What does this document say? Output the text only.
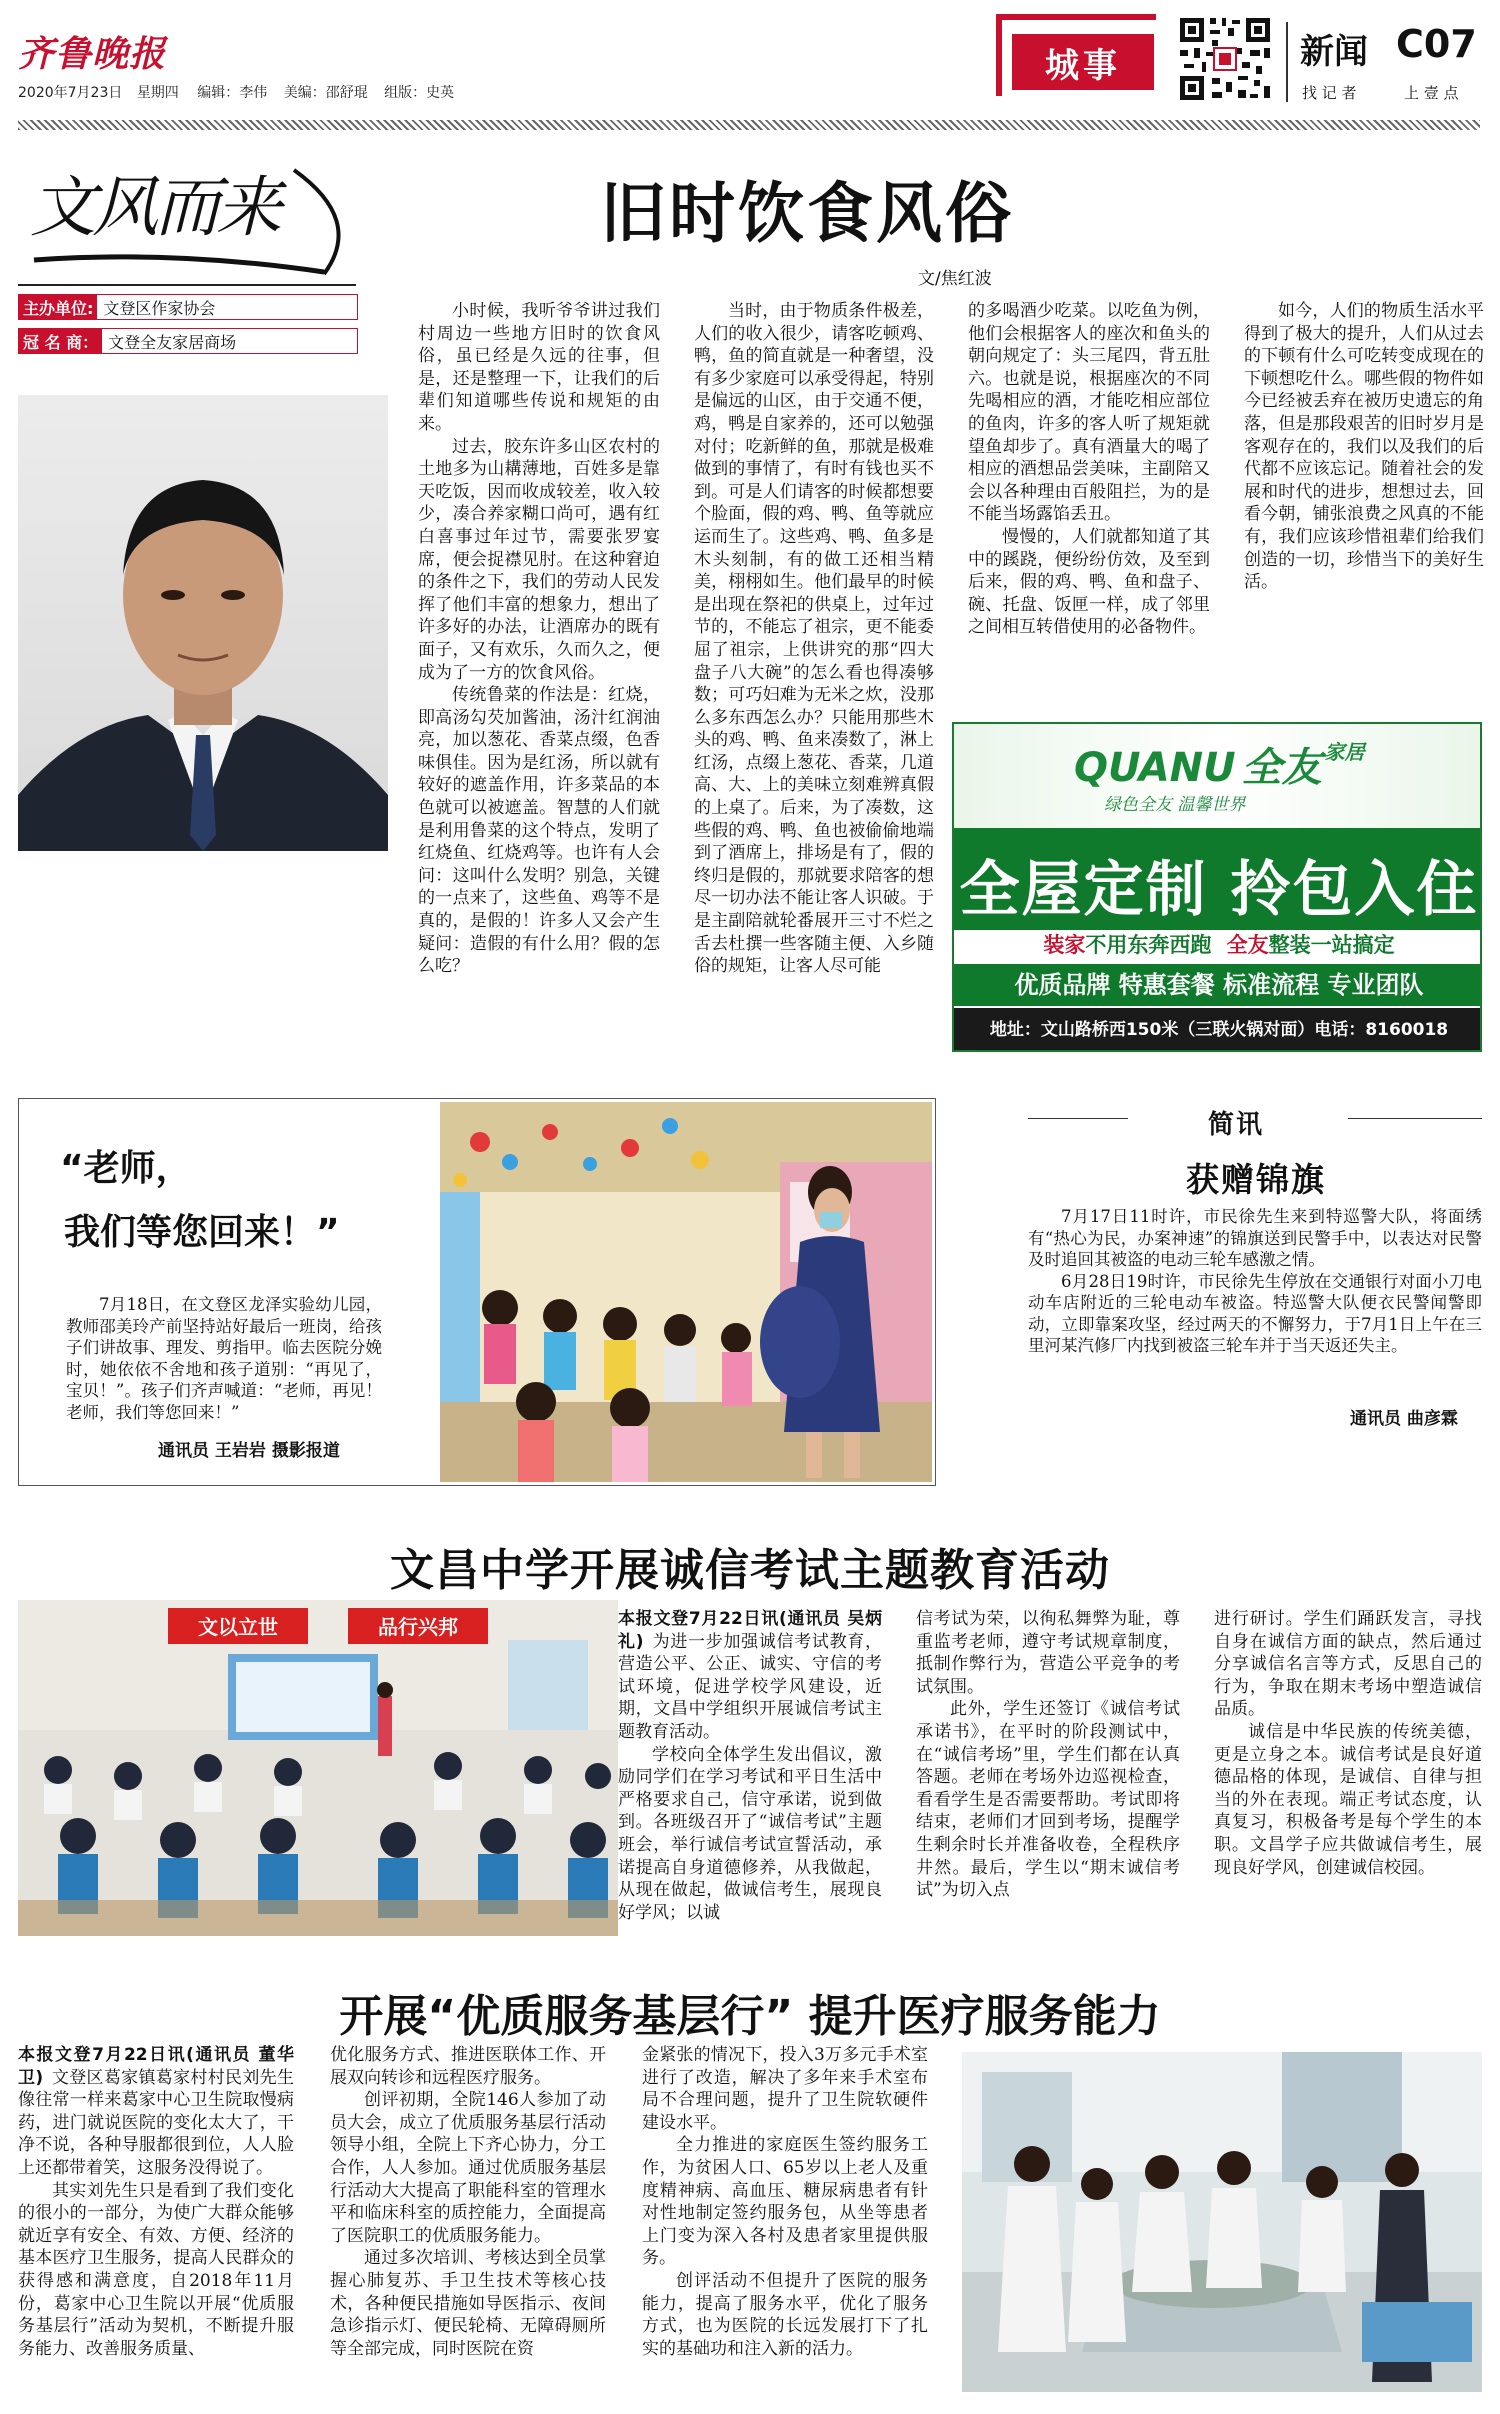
齐鲁晚报
2020年7月23日 星期四 编辑：李伟 美编：邵舒琨 组版：史英
城事	新闻 C07
找 记 者	上 壹 点
文风而来
主办单位: 文登区作家协会
冠 名 商： 文登全友家居商场
旧时饮食风俗
文/焦红波

小时候，我听爷爷讲过我们村周边一些地方旧时的饮食风俗，虽已经是久远的往事，但是，还是整理一下，让我们的后辈们知道哪些传说和规矩的由来。

过去，胶东许多山区农村的土地多为山耩薄地，百姓多是靠天吃饭，因而收成较差，收入较少，凑合养家糊口尚可，遇有红白喜事过年过节，需要张罗宴席，便会捉襟见肘。在这种窘迫的条件之下，我们的劳动人民发挥了他们丰富的想象力，想出了许多好的办法，让酒席办的既有面子，又有欢乐，久而久之，便成为了一方的饮食风俗。

传统鲁菜的作法是：红烧，即高汤勾芡加酱油，汤汁红润油亮，加以葱花、香菜点缀，色香味俱佳。因为是红汤，所以就有较好的遮盖作用，许多菜品的本色就可以被遮盖。智慧的人们就是利用鲁菜的这个特点，发明了红烧鱼、红烧鸡等。也许有人会问：这叫什么发明？别急，关键的一点来了，这些鱼、鸡等不是真的，是假的！许多人又会产生疑问：造假的有什么用？假的怎么吃？

当时，由于物质条件极差，人们的收入很少，请客吃顿鸡、鸭，鱼的简直就是一种奢望，没有多少家庭可以承受得起，特别是偏远的山区，由于交通不便，鸡，鸭是自家养的，还可以勉强对付；吃新鲜的鱼，那就是极难做到的事情了，有时有钱也买不到。可是人们请客的时候都想要个脸面，假的鸡、鸭、鱼等就应运而生了。这些鸡、鸭、鱼多是木头刻制，有的做工还相当精美，栩栩如生。他们最早的时候是出现在祭祀的供桌上，过年过节的，不能忘了祖宗，更不能委屈了祖宗，上供讲究的那“四大盘子八大碗”的怎么看也得凑够数；可巧妇难为无米之炊，没那么多东西怎么办？只能用那些木头的鸡、鸭、鱼来凑数了，淋上红汤，点缀上葱花、香菜，几道高、大、上的美味立刻难辨真假的上桌了。后来，为了凑数，这些假的鸡、鸭、鱼也被偷偷地端到了酒席上，排场是有了，假的终归是假的，那就要求陪客的想尽一切办法不能让客人识破。于是主副陪就轮番展开三寸不烂之舌去杜撰一些客随主便、入乡随俗的规矩，让客人尽可能

的多喝酒少吃菜。以吃鱼为例，他们会根据客人的座次和鱼头的朝向规定了：头三尾四，背五肚六。也就是说，根据座次的不同先喝相应的酒，才能吃相应部位的鱼肉，许多的客人听了规矩就望鱼却步了。真有酒量大的喝了相应的酒想品尝美味，主副陪又会以各种理由百般阻拦，为的是不能当场露馅丢丑。

慢慢的，人们就都知道了其中的蹊跷，便纷纷仿效，及至到后来，假的鸡、鸭、鱼和盘子、碗、托盘、饭匣一样，成了邻里之间相互转借使用的必备物件。

如今，人们的物质生活水平得到了极大的提升，人们从过去的下顿有什么可吃转变成现在的下顿想吃什么。哪些假的物件如今已经被丢弃在被历史遗忘的角落，但是那段艰苦的旧时岁月是客观存在的，我们以及我们的后代都不应该忘记。随着社会的发展和时代的进步，想想过去，回看今朝，铺张浪费之风真的不能有，我们应该珍惜祖辈们给我们创造的一切，珍惜当下的美好生活。

QUANU 全友 $^{家居}$
绿色全友 温馨世界
全屋定制 拎包入住
装家不用东奔西跑 全友整装一站搞定
优质品牌 特惠套餐 标准流程 专业团队
地址：文山路桥西150米（三联火锅对面）电话：8160018
“老师，
我们等您回来！”

7月18日，在文登区龙泽实验幼儿园，教师邵美玲产前坚持站好最后一班岗，给孩子们讲故事、理发、剪指甲。临去医院分娩时，她依依不舍地和孩子道别：“再见了，宝贝！”。孩子们齐声喊道：“老师，再见！老师，我们等您回来！”

通讯员 王岩岩 摄影报道
简讯
获赠锦旗

7月17日11时许，市民徐先生来到特巡警大队，将面绣有“热心为民，办案神速”的锦旗送到民警手中，以表达对民警及时追回其被盗的电动三轮车感激之情。

6月28日19时许，市民徐先生停放在交通银行对面小刀电动车店附近的三轮电动车被盗。特巡警大队便衣民警闻警即动，立即靠案攻坚，经过两天的不懈努力，于7月1日上午在三里河某汽修厂内找到被盗三轮车并于当天返还失主。

通讯员 曲彦霖
文昌中学开展诚信考试主题教育活动
文以立世	品行兴邦	本报文登7月22日讯(通讯员 吴炳礼) 为进一步加强诚信考试教育，营造公平、公正、诚实、守信的考试环境，促进学校学风建设，近期，文昌中学组织开展诚信考试主题教育活动。

学校向全体学生发出倡议，激励同学们在学习考试和平日生活中严格要求自己，信守承诺，说到做到。各班级召开了“诚信考试”主题班会，举行诚信考试宣誓活动，承诺提高自身道德修养，从我做起，从现在做起，做诚信考生，展现良好学风；以诚

信考试为荣，以徇私舞弊为耻，尊重监考老师，遵守考试规章制度，抵制作弊行为，营造公平竞争的考试氛围。

此外，学生还签订《诚信考试承诺书》，在平时的阶段测试中，在“诚信考场”里，学生们都在认真答题。老师在考场外边巡视检查，看看学生是否需要帮助。考试即将结束，老师们才回到考场，提醒学生剩余时长并准备收卷，全程秩序井然。最后，学生以“期末诚信考试”为切入点

进行研讨。学生们踊跃发言，寻找自身在诚信方面的缺点，然后通过分享诚信名言等方式，反思自己的行为，争取在期末考场中塑造诚信品质。

诚信是中华民族的传统美德，更是立身之本。诚信考试是良好道德品格的体现，是诚信、自律与担当的外在表现。端正考试态度，认真复习，积极备考是每个学生的本职。文昌学子应共做诚信考生，展现良好学风，创建诚信校园。

开展“优质服务基层行” 提升医疗服务能力

本报文登7月22日讯(通讯员 董华卫) 文登区葛家镇葛家村村民刘先生像往常一样来葛家中心卫生院取慢病药，进门就说医院的变化太大了，干净不说，各种导服都很到位，人人脸上还都带着笑，这服务没得说了。

其实刘先生只是看到了我们变化的很小的一部分，为使广大群众能够就近享有安全、有效、方便、经济的基本医疗卫生服务，提高人民群众的获得感和满意度，自2018年11月份，葛家中心卫生院以开展“优质服务基层行”活动为契机，不断提升服务能力、改善服务质量、

优化服务方式、推进医联体工作、开展双向转诊和远程医疗服务。

创评初期，全院146人参加了动员大会，成立了优质服务基层行活动领导小组，全院上下齐心协力，分工合作，人人参加。通过优质服务基层行活动大大提高了职能科室的管理水平和临床科室的质控能力，全面提高了医院职工的优质服务能力。

通过多次培训、考核达到全员掌握心肺复苏、手卫生技术等核心技术，各种便民措施如导医指示、夜间急诊指示灯、便民轮椅、无障碍厕所等全部完成，同时医院在资

金紧张的情况下，投入3万多元手术室进行了改造，解决了多年来手术室布局不合理问题，提升了卫生院软硬件建设水平。

全力推进的家庭医生签约服务工作，为贫困人口、65岁以上老人及重度精神病、高血压、糖尿病患者有针对性地制定签约服务包，从坐等患者上门变为深入各村及患者家里提供服务。

创评活动不但提升了医院的服务能力，提高了服务水平，优化了服务方式，也为医院的长远发展打下了扎实的基础功和注入新的活力。
